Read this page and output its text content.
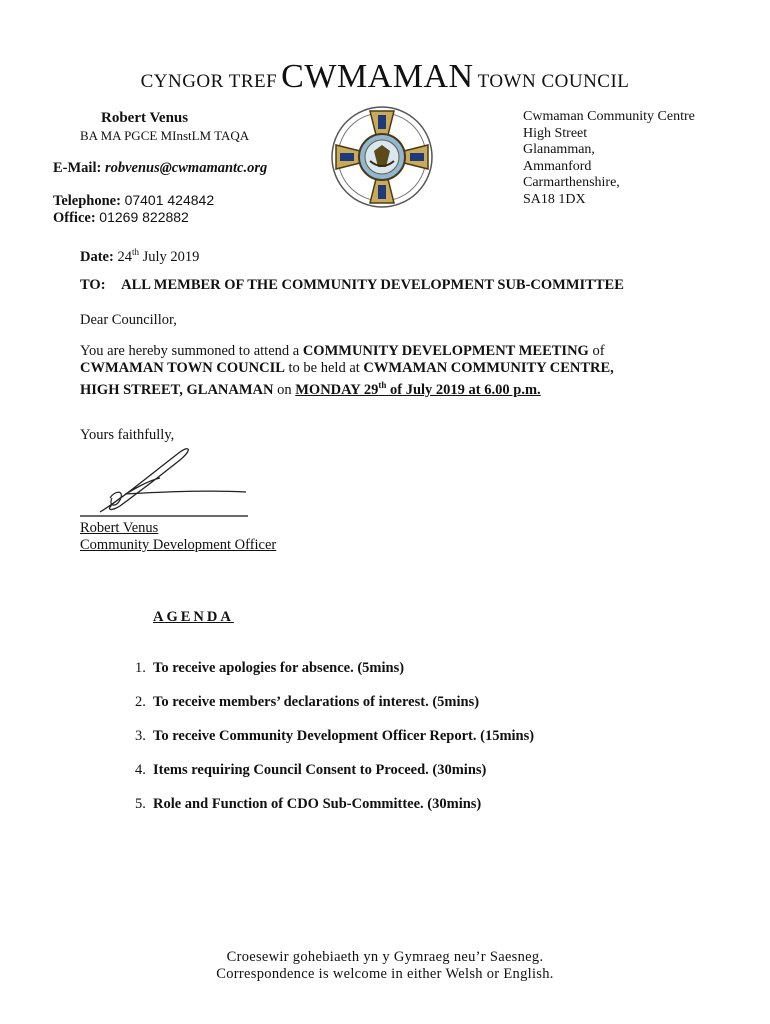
CYNGOR TREF CWMAMAN TOWN COUNCIL
Robert Venus
BA MA PGCE MInstLM TAQA
E-Mail: robvenus@cwmamantc.org
Telephone: 07401 424842
Office: 01269 822882
Cwmaman Community Centre
High Street
Glanamman,
Ammanford
Carmarthenshire,
SA18 1DX
Date: 24th July 2019
TO: ALL MEMBER OF THE COMMUNITY DEVELOPMENT SUB-COMMITTEE
Dear Councillor,
You are hereby summoned to attend a COMMUNITY DEVELOPMENT MEETING of
CWMAMAN TOWN COUNCIL to be held at CWMAMAN COMMUNITY CENTRE,
HIGH STREET, GLANAMAN on MONDAY 29th of July 2019 at 6.00 p.m.
Yours faithfully,
Robert Venus
Community Development Officer
AGENDA
1. To receive apologies for absence. (5mins)
2. To receive members’ declarations of interest. (5mins)
3. To receive Community Development Officer Report. (15mins)
4. Items requiring Council Consent to Proceed. (30mins)
5. Role and Function of CDO Sub-Committee. (30mins)
Croesewir gohebiaeth yn y Gymraeg neu’r Saesneg.
Correspondence is welcome in either Welsh or English.
